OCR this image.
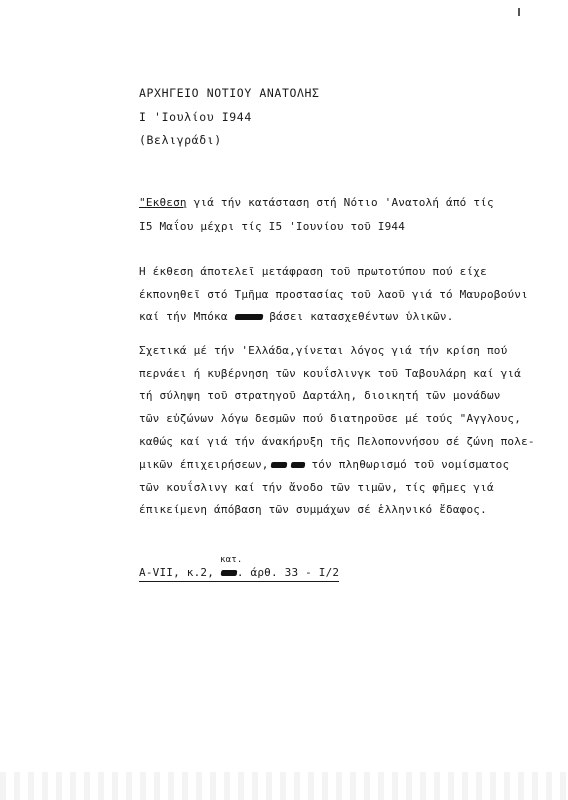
ΑΡΧΗΓΕΙΟ ΝΟΤΙΟΥ ΑΝΑΤΟΛΗΣ
Ι 'Ιουλίου Ι944
(Βελιγράδι)
"Εκθεση γιά τήν κατάσταση στή Νότιο 'Ανατολή άπό τίς
Ι5 Μαΐου μέχρι τίς Ι5 'Ιουνίου τοῦ Ι944
Η έκθεση άποτελεῖ μετάφραση τοῦ πρωτοτύπου πού είχε
έκπονηθεῖ στό Τμῆμα προστασίας τοῦ λαοῦ γιά τό Μαυροβούνι
καί τήν Μπόκα	βάσει κατασχεθέντων ὑλικῶν.
Σχετικά μέ τήν 'Ελλάδα,γίνεται λόγος γιά τήν κρίση πού
περνάει ή κυβέρνηση τῶν κουΐσλινγκ τοῦ Ταβουλάρη καί γιά
τή σύληψη τοῦ στρατηγοῦ Δαρτάλη, διοικητή τῶν μονάδων
τῶν εὐζώνων λόγω δεσμῶν πού διατηροῦσε μέ τούς "Αγγλους,
καθώς καί γιά τήν άνακήρυξη τῆς Πελοποννήσου σέ ζώνη πολε-
μικῶν έπιχειρήσεων,	τόν πληθωρισμό τοῦ νομίσματος
τῶν κουΐσλινγ καί τήν ἄνοδο τῶν τιμῶν, τίς φῆμες γιά
έπικείμενη άπόβαση τῶν συμμάχων σέ ἑλληνικό ἔδαφος.
κατ.
A-VII, κ.2, . άρθ. 33 - Ι/2
